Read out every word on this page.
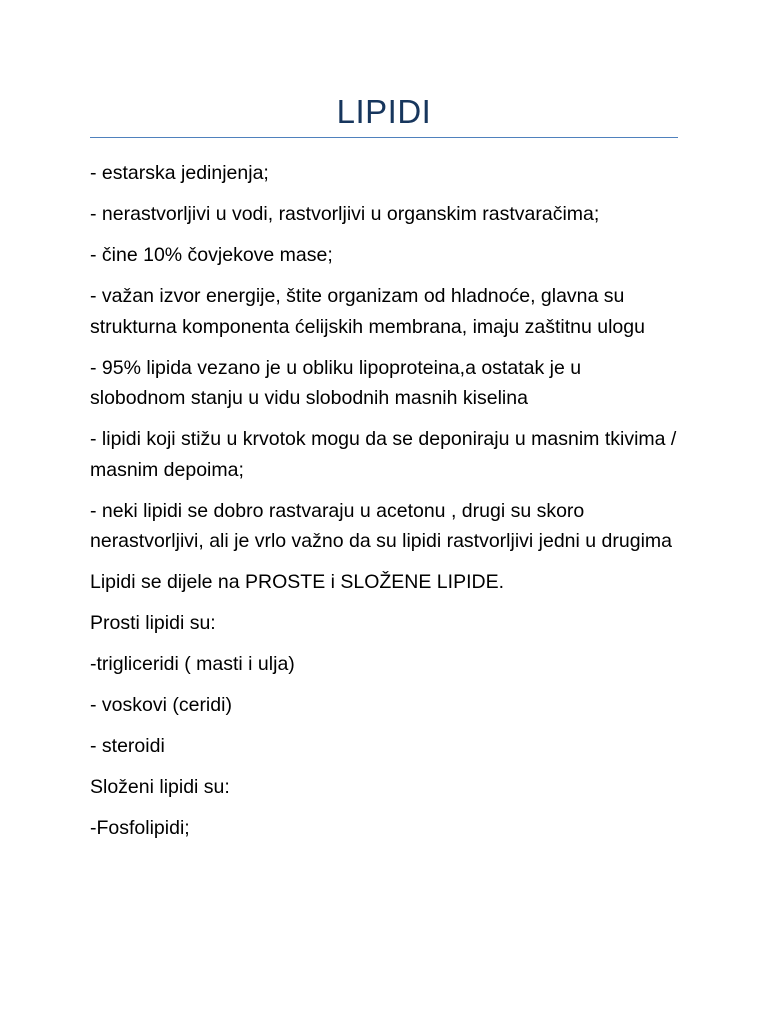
LIPIDI

- estarska jedinjenja;

- nerastvorljivi u vodi, rastvorljivi u organskim rastvaračima;

- čine 10% čovjekove mase;

- važan izvor energije, štite organizam od hladnoće, glavna su strukturna komponenta ćelijskih membrana, imaju zaštitnu ulogu

- 95% lipida vezano je u obliku lipoproteina,a ostatak je u slobodnom stanju u vidu slobodnih masnih kiselina

- lipidi koji stižu u krvotok mogu da se deponiraju u masnim tkivima / masnim depoima;

- neki lipidi se dobro rastvaraju u acetonu , drugi su skoro nerastvorljivi, ali je vrlo važno da su lipidi rastvorljivi jedni u drugima

Lipidi se dijele na PROSTE i SLOŽENE LIPIDE.

Prosti lipidi su:

-trigliceridi ( masti i ulja)

- voskovi (ceridi)

- steroidi

Složeni lipidi su:

-Fosfolipidi;
